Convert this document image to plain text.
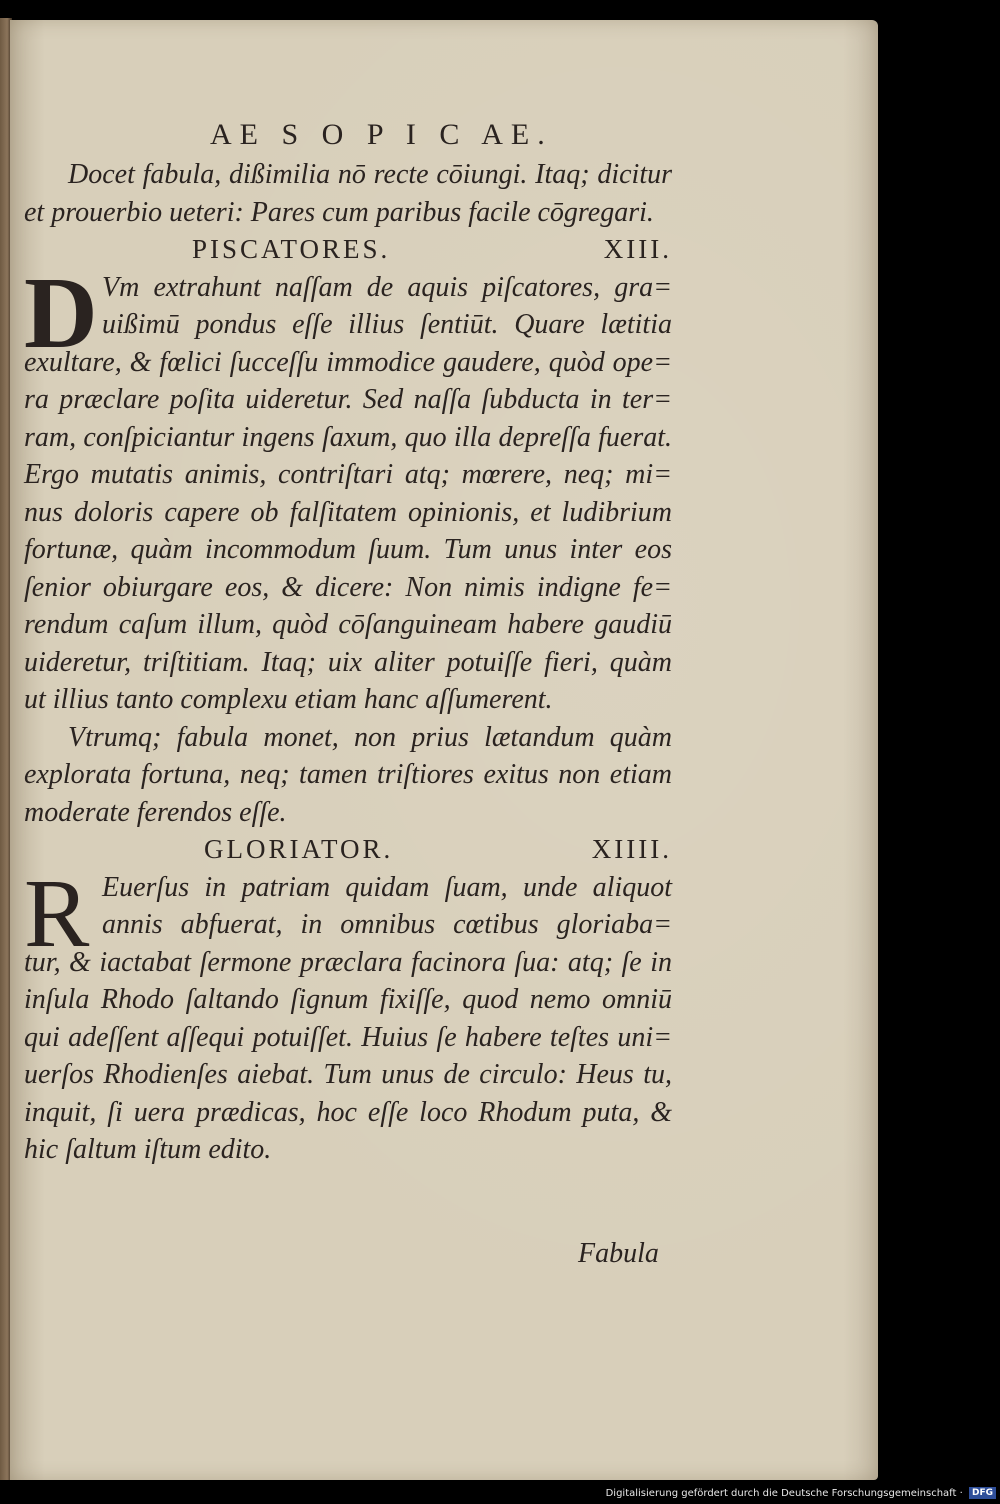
AE S O P I C AE.
Docet fabula, dißimilia nō recte cōiungi. Itaq; dicitur
et prouerbio ueteri: Pares cum paribus facile cōgregari.
PISCATORES.	XIII.
D Vm extrahunt naſſam de aquis piſcatores, gra=
uißimū pondus eſſe illius ſentiūt. Quare lætitia
exultare, & fœlici ſucceſſu immodice gaudere, quòd ope=
ra præclare poſita uideretur. Sed naſſa ſubducta in ter=
ram, conſpiciantur ingens ſaxum, quo illa depreſſa fuerat.
Ergo mutatis animis, contriſtari atq; mœrere, neq; mi=
nus doloris capere ob falſitatem opinionis, et ludibrium
fortunæ, quàm incommodum ſuum. Tum unus inter eos
ſenior obiurgare eos, & dicere: Non nimis indigne fe=
rendum caſum illum, quòd cōſanguineam habere gaudiū
uideretur, triſtitiam. Itaq; uix aliter potuiſſe fieri, quàm
ut illius tanto complexu etiam hanc aſſumerent.
Vtrumq; fabula monet, non prius lætandum quàm
explorata fortuna, neq; tamen triſtiores exitus non etiam
moderate ferendos eſſe.
GLORIATOR.	XIIII.
R Euerſus in patriam quidam ſuam, unde aliquot
annis abfuerat, in omnibus cœtibus gloriaba=
tur, & iactabat ſermone præclara facinora ſua: atq; ſe in
inſula Rhodo ſaltando ſignum fixiſſe, quod nemo omniū
qui adeſſent aſſequi potuiſſet. Huius ſe habere teſtes uni=
uerſos Rhodienſes aiebat. Tum unus de circulo: Heus tu,
inquit, ſi uera prædicas, hoc eſſe loco Rhodum puta, &
hic ſaltum iſtum edito.
Fabula
Digitalisierung gefördert durch die Deutsche Forschungsgemeinschaft · DFG
